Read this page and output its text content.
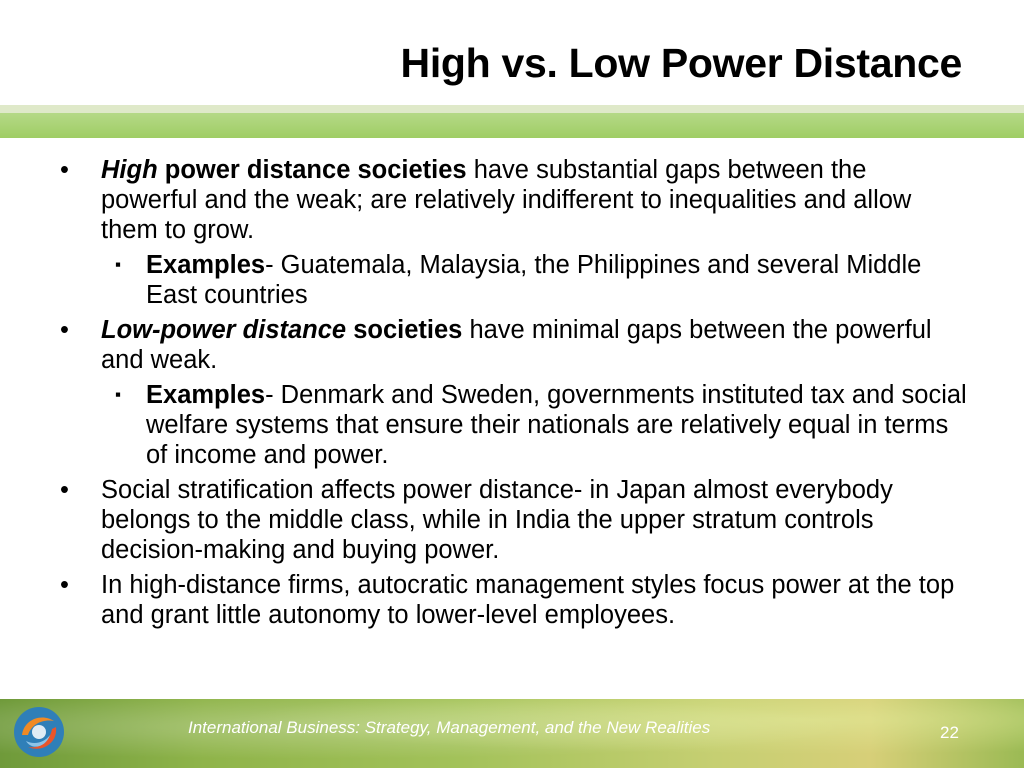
High vs. Low Power Distance
• High power distance societies have substantial gaps between the powerful and the weak; are relatively indifferent to inequalities and allow them to grow.
▪ Examples- Guatemala, Malaysia, the Philippines and several Middle East countries
• Low-power distance societies have minimal gaps between the powerful and weak.
▪ Examples- Denmark and Sweden, governments instituted tax and social welfare systems that ensure their nationals are relatively equal in terms of income and power.
• Social stratification affects power distance- in Japan almost everybody belongs to the middle class, while in India the upper stratum controls decision-making and buying power.
• In high-distance firms, autocratic management styles focus power at the top and grant little autonomy to lower-level employees.
International Business: Strategy, Management, and the New Realities	22
